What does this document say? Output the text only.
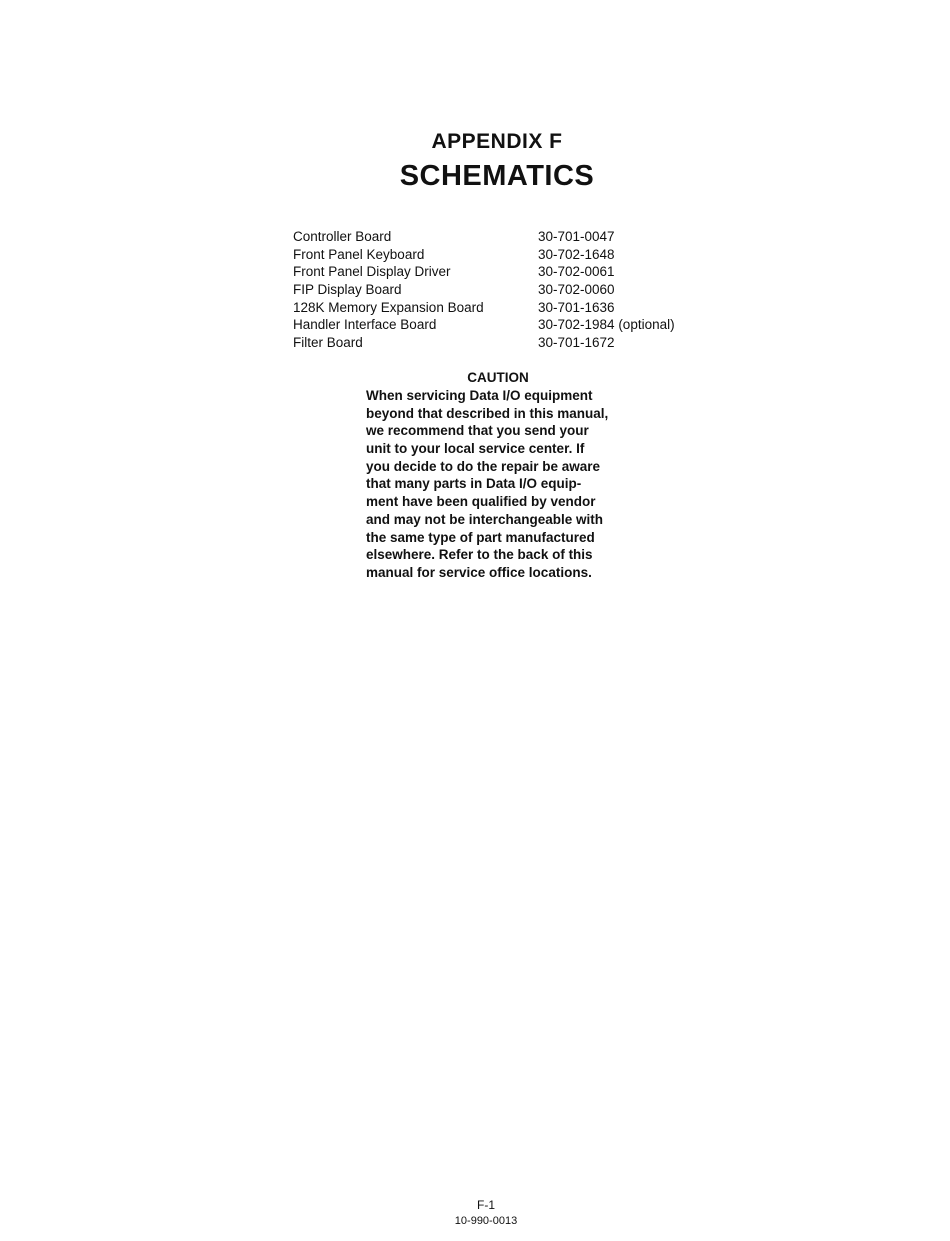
APPENDIX F
SCHEMATICS
Controller Board	30-701-0047
Front Panel Keyboard	30-702-1648
Front Panel Display Driver	30-702-0061
FIP Display Board	30-702-0060
128K Memory Expansion Board	30-701-1636
Handler Interface Board	30-702-1984 (optional)
Filter Board	30-701-1672
CAUTION
When servicing Data I/O equipment
beyond that described in this manual,
we recommend that you send your
unit to your local service center. If
you decide to do the repair be aware
that many parts in Data I/O equip-
ment have been qualified by vendor
and may not be interchangeable with
the same type of part manufactured
elsewhere. Refer to the back of this
manual for service office locations.
F-1
10-990-0013
